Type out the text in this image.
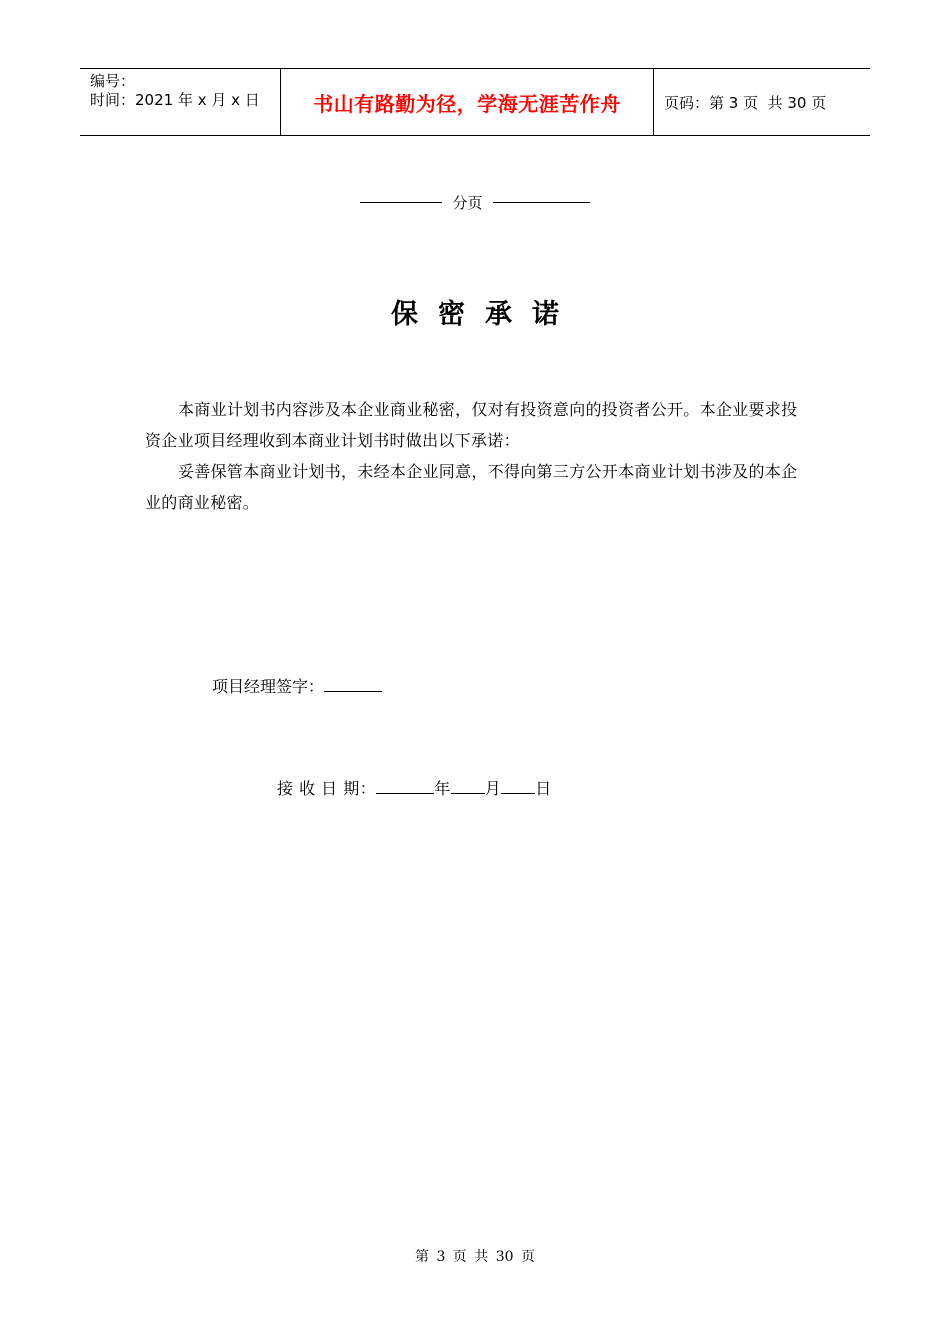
编号：
时间：2021 年 x 月 x 日	书山有路勤为径，学海无涯苦作舟	页码：第 3 页  共 30 页
分页
保密承诺

本商业计划书内容涉及本企业商业秘密，仅对有投资意向的投资者公开。本企业要求投资企业项目经理收到本商业计划书时做出以下承诺：

妥善保管本商业计划书，未经本企业同意，不得向第三方公开本商业计划书涉及的本企业的商业秘密。

项目经理签字：
接 收 日 期：	年 月 日
第 3 页 共 30 页
